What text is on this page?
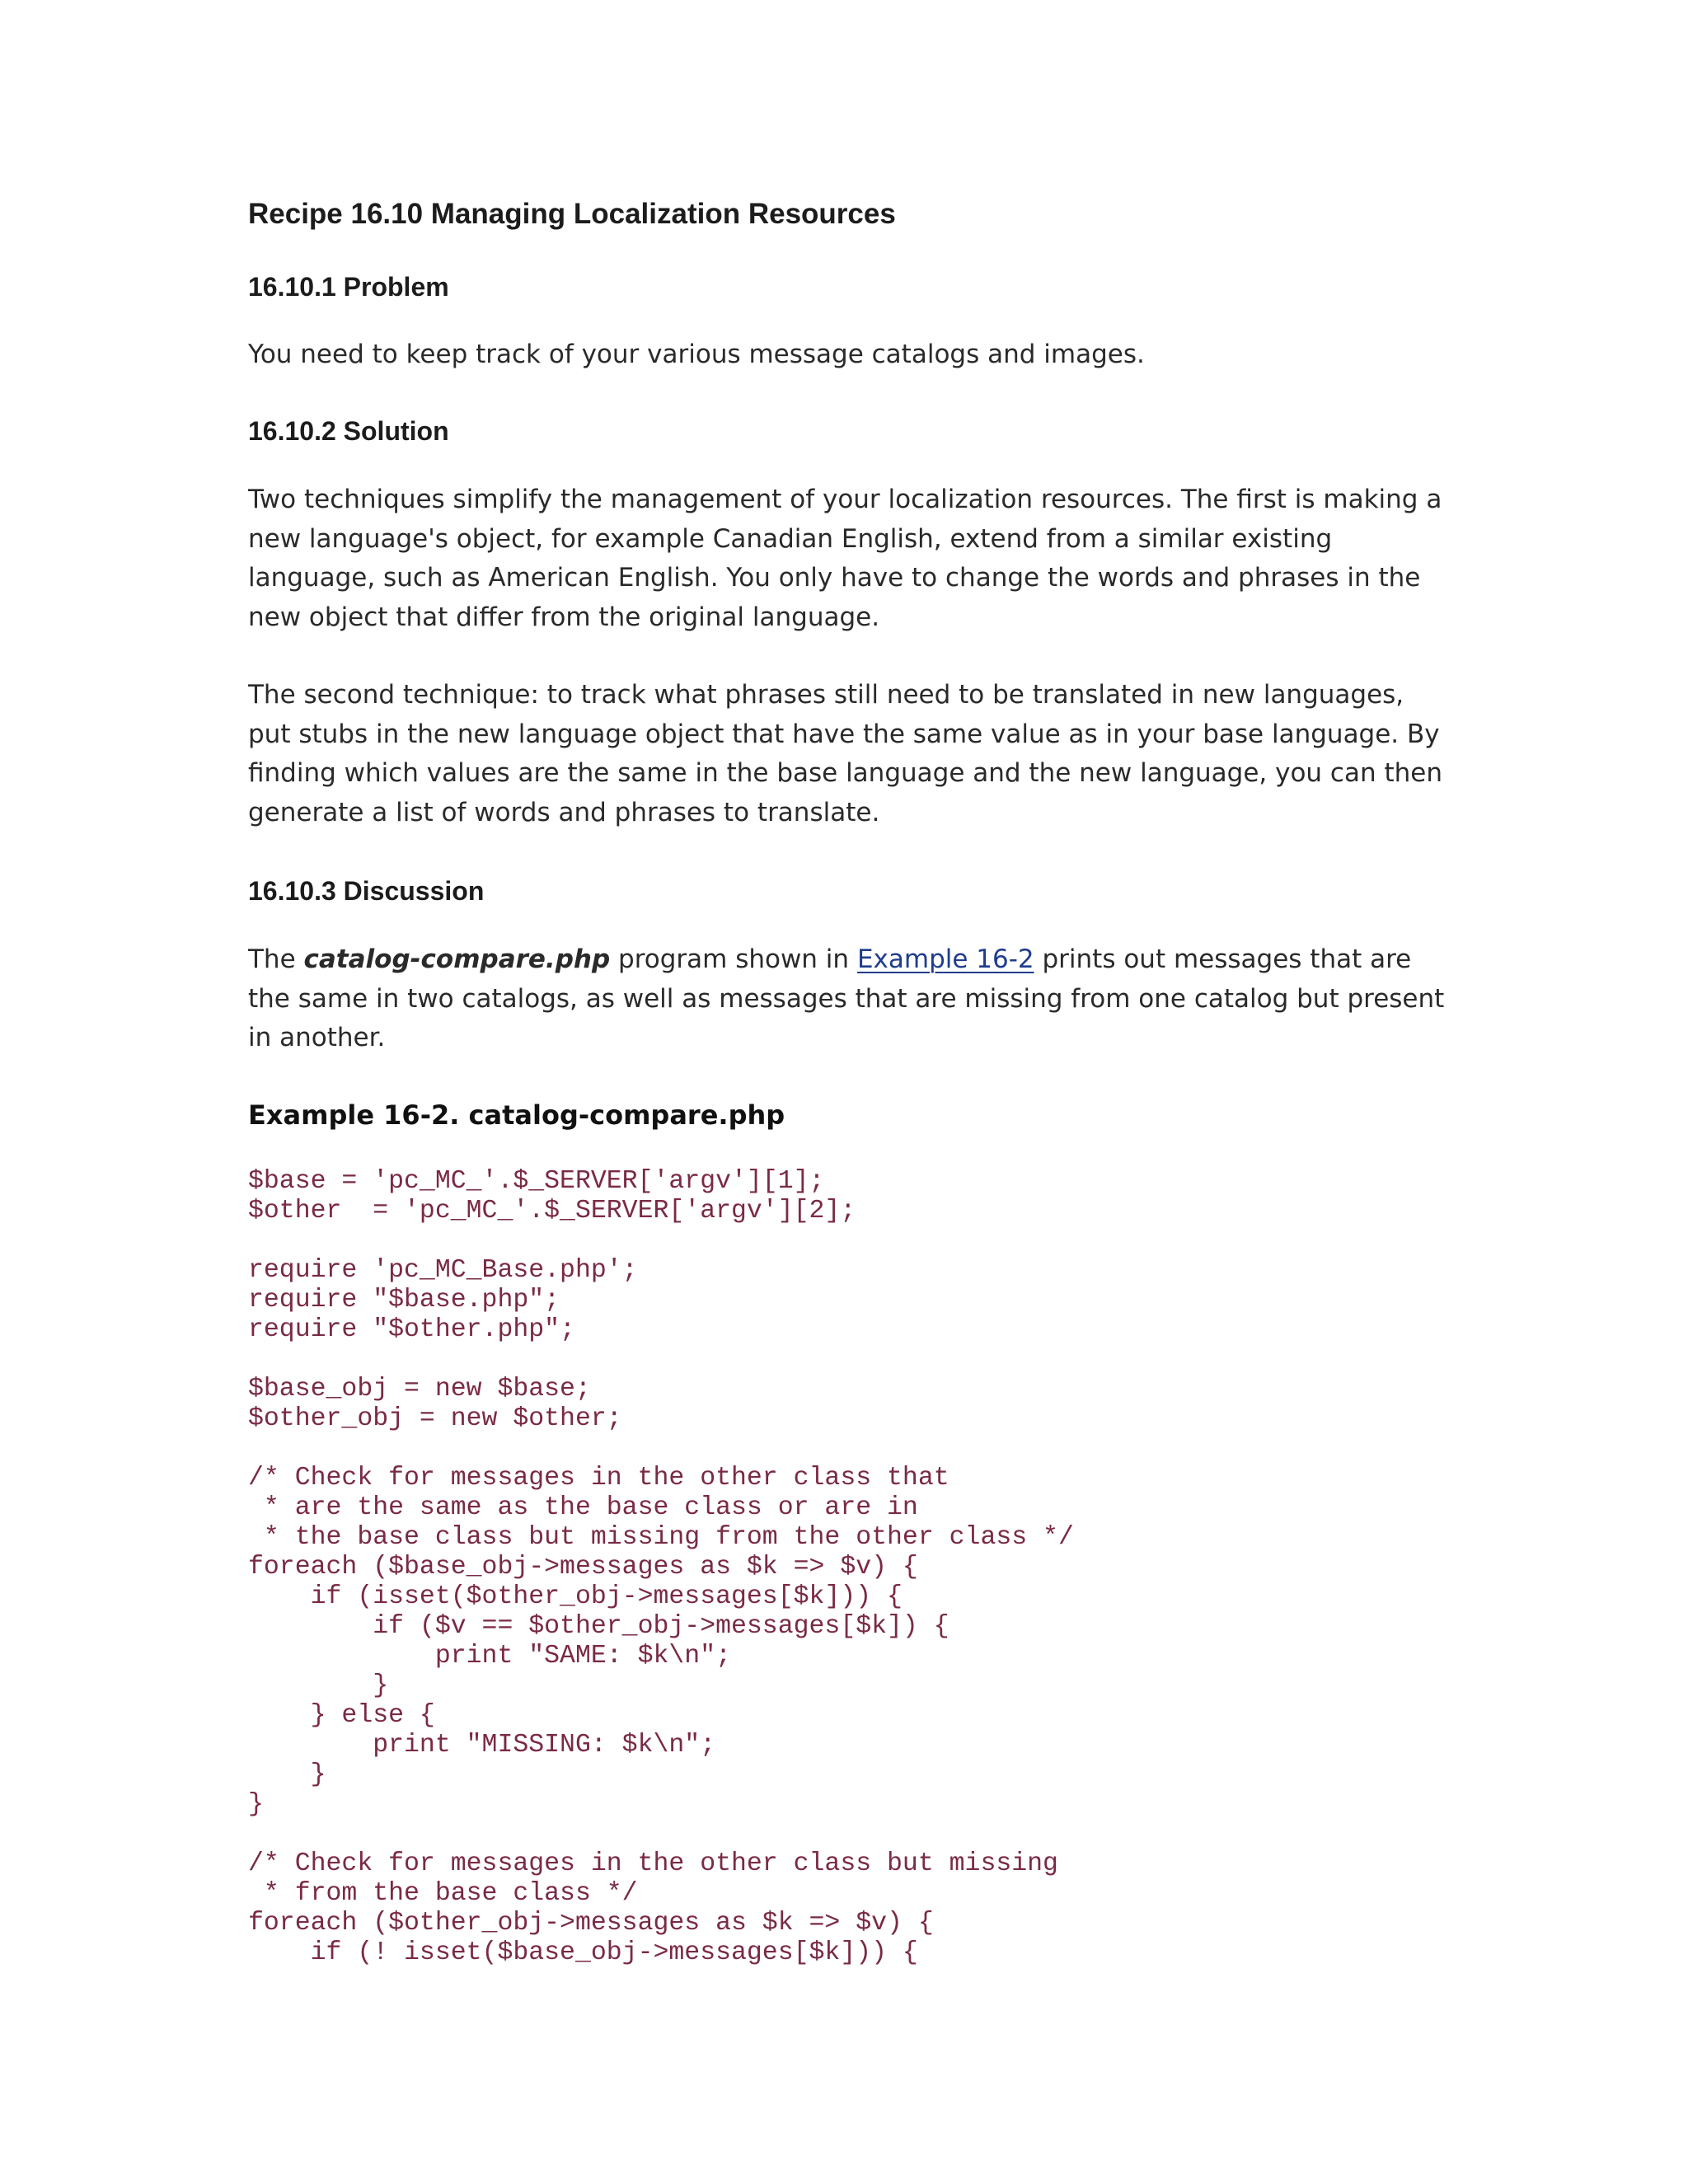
Recipe 16.10 Managing Localization Resources
16.10.1 Problem

You need to keep track of your various message catalogs and images.

16.10.2 Solution

Two techniques simplify the management of your localization resources. The first is making a new language's object, for example Canadian English, extend from a similar existing language, such as American English. You only have to change the words and phrases in the new object that differ from the original language.

The second technique: to track what phrases still need to be translated in new languages, put stubs in the new language object that have the same value as in your base language. By finding which values are the same in the base language and the new language, you can then generate a list of words and phrases to translate.

16.10.3 Discussion

The catalog-compare.php program shown in Example 16-2 prints out messages that are the same in two catalogs, as well as messages that are missing from one catalog but present in another.

Example 16-2. catalog-compare.php
$base = 'pc_MC_'.$_SERVER['argv'][1];
$other  = 'pc_MC_'.$_SERVER['argv'][2];

require 'pc_MC_Base.php';
require "$base.php";
require "$other.php";

$base_obj = new $base;
$other_obj = new $other;

/* Check for messages in the other class that
* are the same as the base class or are in
* the base class but missing from the other class */
foreach ($base_obj->messages as $k => $v) {
if (isset($other_obj->messages[$k])) {
if ($v == $other_obj->messages[$k]) {
print "SAME: $k\n";
}
} else {
print "MISSING: $k\n";
}
}

/* Check for messages in the other class but missing
* from the base class */
foreach ($other_obj->messages as $k => $v) {
if (! isset($base_obj->messages[$k])) {
